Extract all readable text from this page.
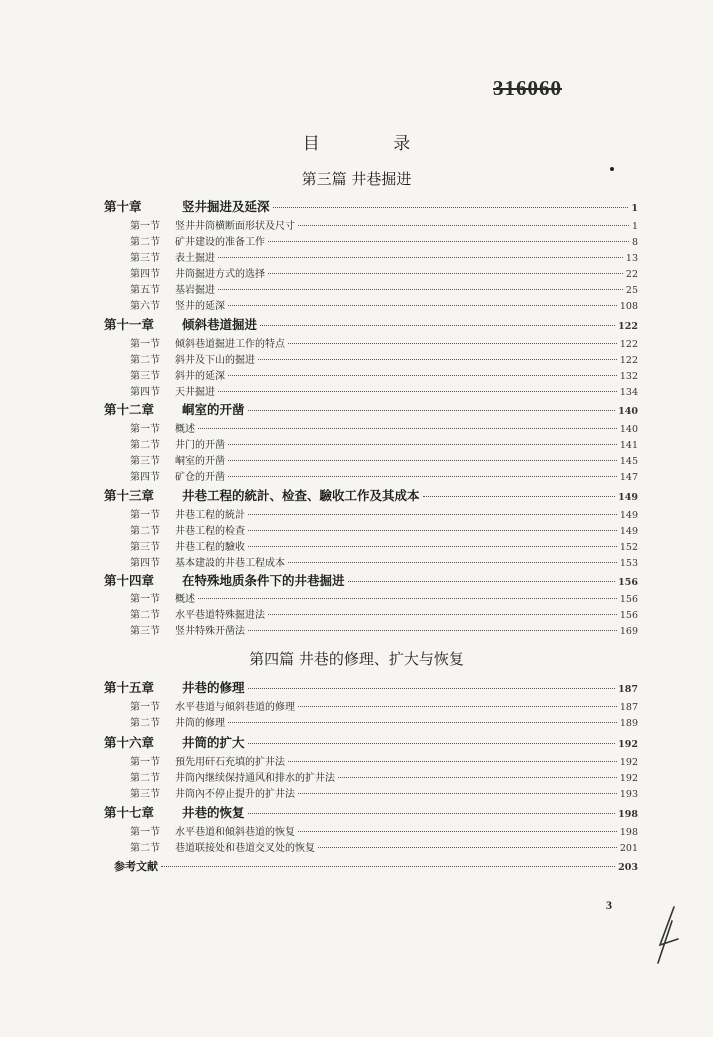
316060
目 录
第三篇 井巷掘进
第十章	竖井掘进及延深	1
第一节 竖井井筒横断面形状及尺寸	1
第二节 矿井建设的准备工作	8
第三节 表土掘进	13
第四节 井筒掘进方式的选择	22
第五节 基岩掘进	25
第六节 竖井的延深	108
第十一章 倾斜巷道掘进	122
第一节 倾斜巷道掘进工作的特点	122
第二节 斜井及下山的掘进	122
第三节 斜井的延深	132
第四节 天井掘进	134
第十二章 峒室的开凿	140
第一节 概述	140
第二节 井门的开凿	141
第三节 峒室的开凿	145
第四节 矿仓的开凿	147
第十三章 井巷工程的統計、检查、驗收工作及其成本	149
第一节 井巷工程的統計	149
第二节 井巷工程的检查	149
第三节 井巷工程的驗收	152
第四节 基本建設的井巷工程成本	153
第十四章 在特殊地质条件下的井巷掘进	156
第一节 概述	156
第二节 水平巷道特殊掘进法	156
第三节 竖井特殊开凿法	169
第四篇 井巷的修理、扩大与恢复
第十五章 井巷的修理	187
第一节 水平巷道与傾斜巷道的修理	187
第二节 井筒的修理	189
第十六章 井筒的扩大	192
第一节 預先用矸石充填的扩井法	192
第二节 井筒內继续保持通风和排水的扩井法	192
第三节 井筒內不停止提升的扩井法	193
第十七章 井巷的恢复	198
第一节 水平巷道和傾斜巷道的恢复	198
第二节 巷道联接处和巷道交叉处的恢复	201
参考文献	203
3
